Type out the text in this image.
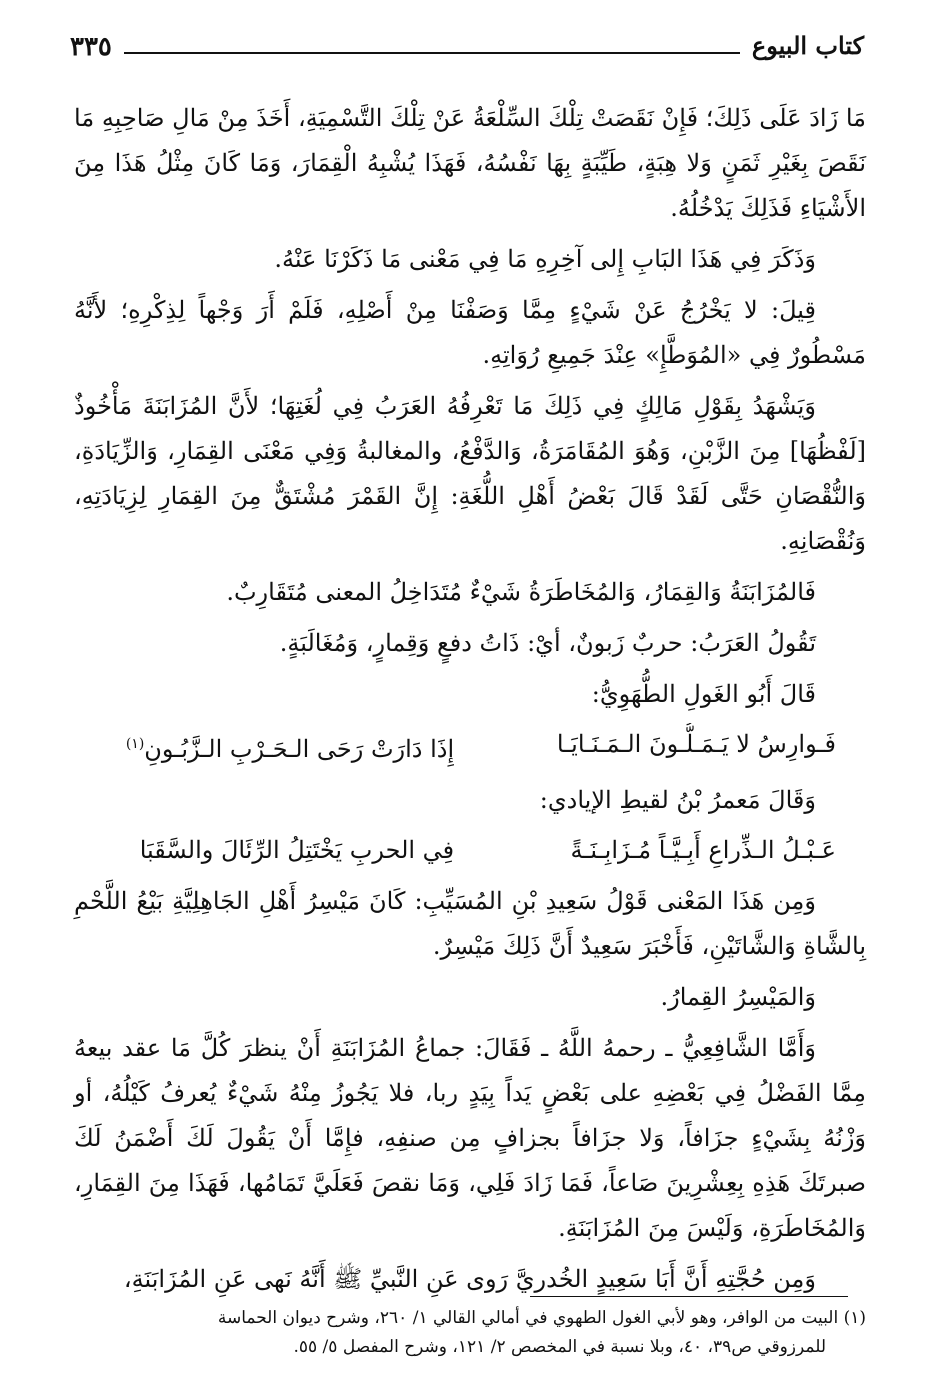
كتاب البيوع
٣٣٥

مَا زَادَ عَلَى ذَلِكَ؛ فَإِنْ نَقَصَتْ تِلْكَ السِّلْعَةُ عَنْ تِلْكَ التَّسْمِيَةِ، أَخَذَ مِنْ مَالِ صَاحِبِهِ مَا نَقَصَ بِغَيْرِ ثَمَنٍ وَلا هِبَةٍ، طَيِّبَةٍ بِهَا نَفْسُهُ، فَهَذَا يُشْبِهُ الْقِمَارَ، وَمَا كَانَ مِثْلُ هَذَا مِنَ الأَشْيَاءِ فَذَلِكَ يَدْخُلُهُ.

وَذَكَرَ فِي هَذَا البَابِ إِلى آخِرِهِ مَا فِي مَعْنى مَا ذَكَرْنَا عَنْهُ.

قِيلَ: لا يَخْرُجُ عَنْ شَيْءٍ مِمَّا وَصَفْنَا مِنْ أَصْلِهِ، فَلَمْ أَرَ وَجْهاً لِذِكْرِهِ؛ لأَنَّهُ مَسْطُورٌ فِي «المُوَطَّإِ» عِنْدَ جَمِيعِ رُوَاتِهِ.

وَيَشْهَدُ بِقَوْلِ مَالِكٍ فِي ذَلِكَ مَا تَعْرِفُهُ العَرَبُ فِي لُغَتِهَا؛ لأَنَّ المُزَابَنَةَ مَأْخُوذٌ [لَفْظُهَا] مِنَ الزَّبْنِ، وَهُوَ المُقَامَرَةُ، وَالدَّفْعُ، والمغالبةُ وَفِي مَعْنَى القِمَارِ، وَالزِّيَادَةِ، وَالنُّقْصَانِ حَتَّى لَقَدْ قَالَ بَعْضُ أَهْلِ اللُّغَةِ: إِنَّ القَمْرَ مُشْتَقٌّ مِنَ القِمَارِ لِزِيَادَتِهِ، وَنُقْصَانِهِ.

فَالمُزَابَنَةُ وَالقِمَارُ، وَالمُخَاطَرَةُ شَيْءٌ مُتَدَاخِلُ المعنى مُتَقَارِبٌ.

تَقُولُ العَرَبُ: حربٌ زَبونٌ، أيْ: ذَاتُ دفعٍ وَقِمارٍ، وَمُغَالَبَةٍ.

قَالَ أَبُو الغَولِ الطُّهَوِيُّ:

فَـوارِسُ لا يَـمَـلُّـونَ الـمَـنَـايَـا
إِذَا دَارَتْ رَحَى الـحَـرْبِ الـزَّبُـونِ$^{(١)}$

وَقَالَ مَعمرُ بْنُ لقيطِ الإيادي:

عَـبْـلُ الـذِّراعِ أَبِـيَّـاً مُـزَابِـنَـةً
فِي الحربِ يَخْتَتِلُ الرِّئَالَ والسَّقَبَا

وَمِن هَذَا المَعْنى قَوْلُ سَعِيدِ بْنِ المُسَيِّبِ: كَانَ مَيْسِرُ أَهْلِ الجَاهِلِيَّةِ بَيْعُ اللَّحْمِ بِالشَّاةِ وَالشَّاتَيْنِ، فَأَخْبَرَ سَعِيدٌ أَنَّ ذَلِكَ مَيْسِرٌ.

وَالمَيْسِرُ القِمارُ.

وَأَمَّا الشَّافِعِيُّ ـ رحمهُ اللَّهُ ـ فَقَالَ: جماعُ المُزَابَنَةِ أَنْ ينظرَ كُلَّ مَا عقد بيعهُ مِمَّا الفَضْلُ فِي بَعْضِهِ على بَعْضٍ يَداً بِيَدٍ ربا، فلا يَجُوزُ مِنْهُ شَيْءٌ يُعرفُ كَيْلُهُ، أو وَزْنُهُ بِشَيْءٍ جزَافاً، وَلا جزَافاً بجزافٍ مِن صنفِهِ، فإِمَّا أَنْ يَقُولَ لَكَ أَضْمَنُ لَكَ صبرتَكَ هَذِهِ بِعِشْرِينَ صَاعاً، فَمَا زَادَ فَلِي، وَمَا نقصَ فَعَلَيَّ تَمَامُها، فَهَذَا مِنَ القِمَارِ، وَالمُخَاطَرَةِ، وَلَيْسَ مِنَ المُزَابَنَةِ.

وَمِن حُجَّتِهِ أَنَّ أَبَا سَعِيدٍ الخُدريَّ رَوى عَنِ النَّبيِّ ﷺ أَنَّهُ نَهى عَنِ المُزَابَنَةِ،

(١) البيت من الوافر، وهو لأبي الغول الطهوي في أمالي القالي ١/ ٢٦٠، وشرح ديوان الحماسة

للمرزوقي ص٣٩، ٤٠، وبلا نسبة في المخصص ٢/ ١٢١، وشرح المفصل ٥/ ٥٥.
